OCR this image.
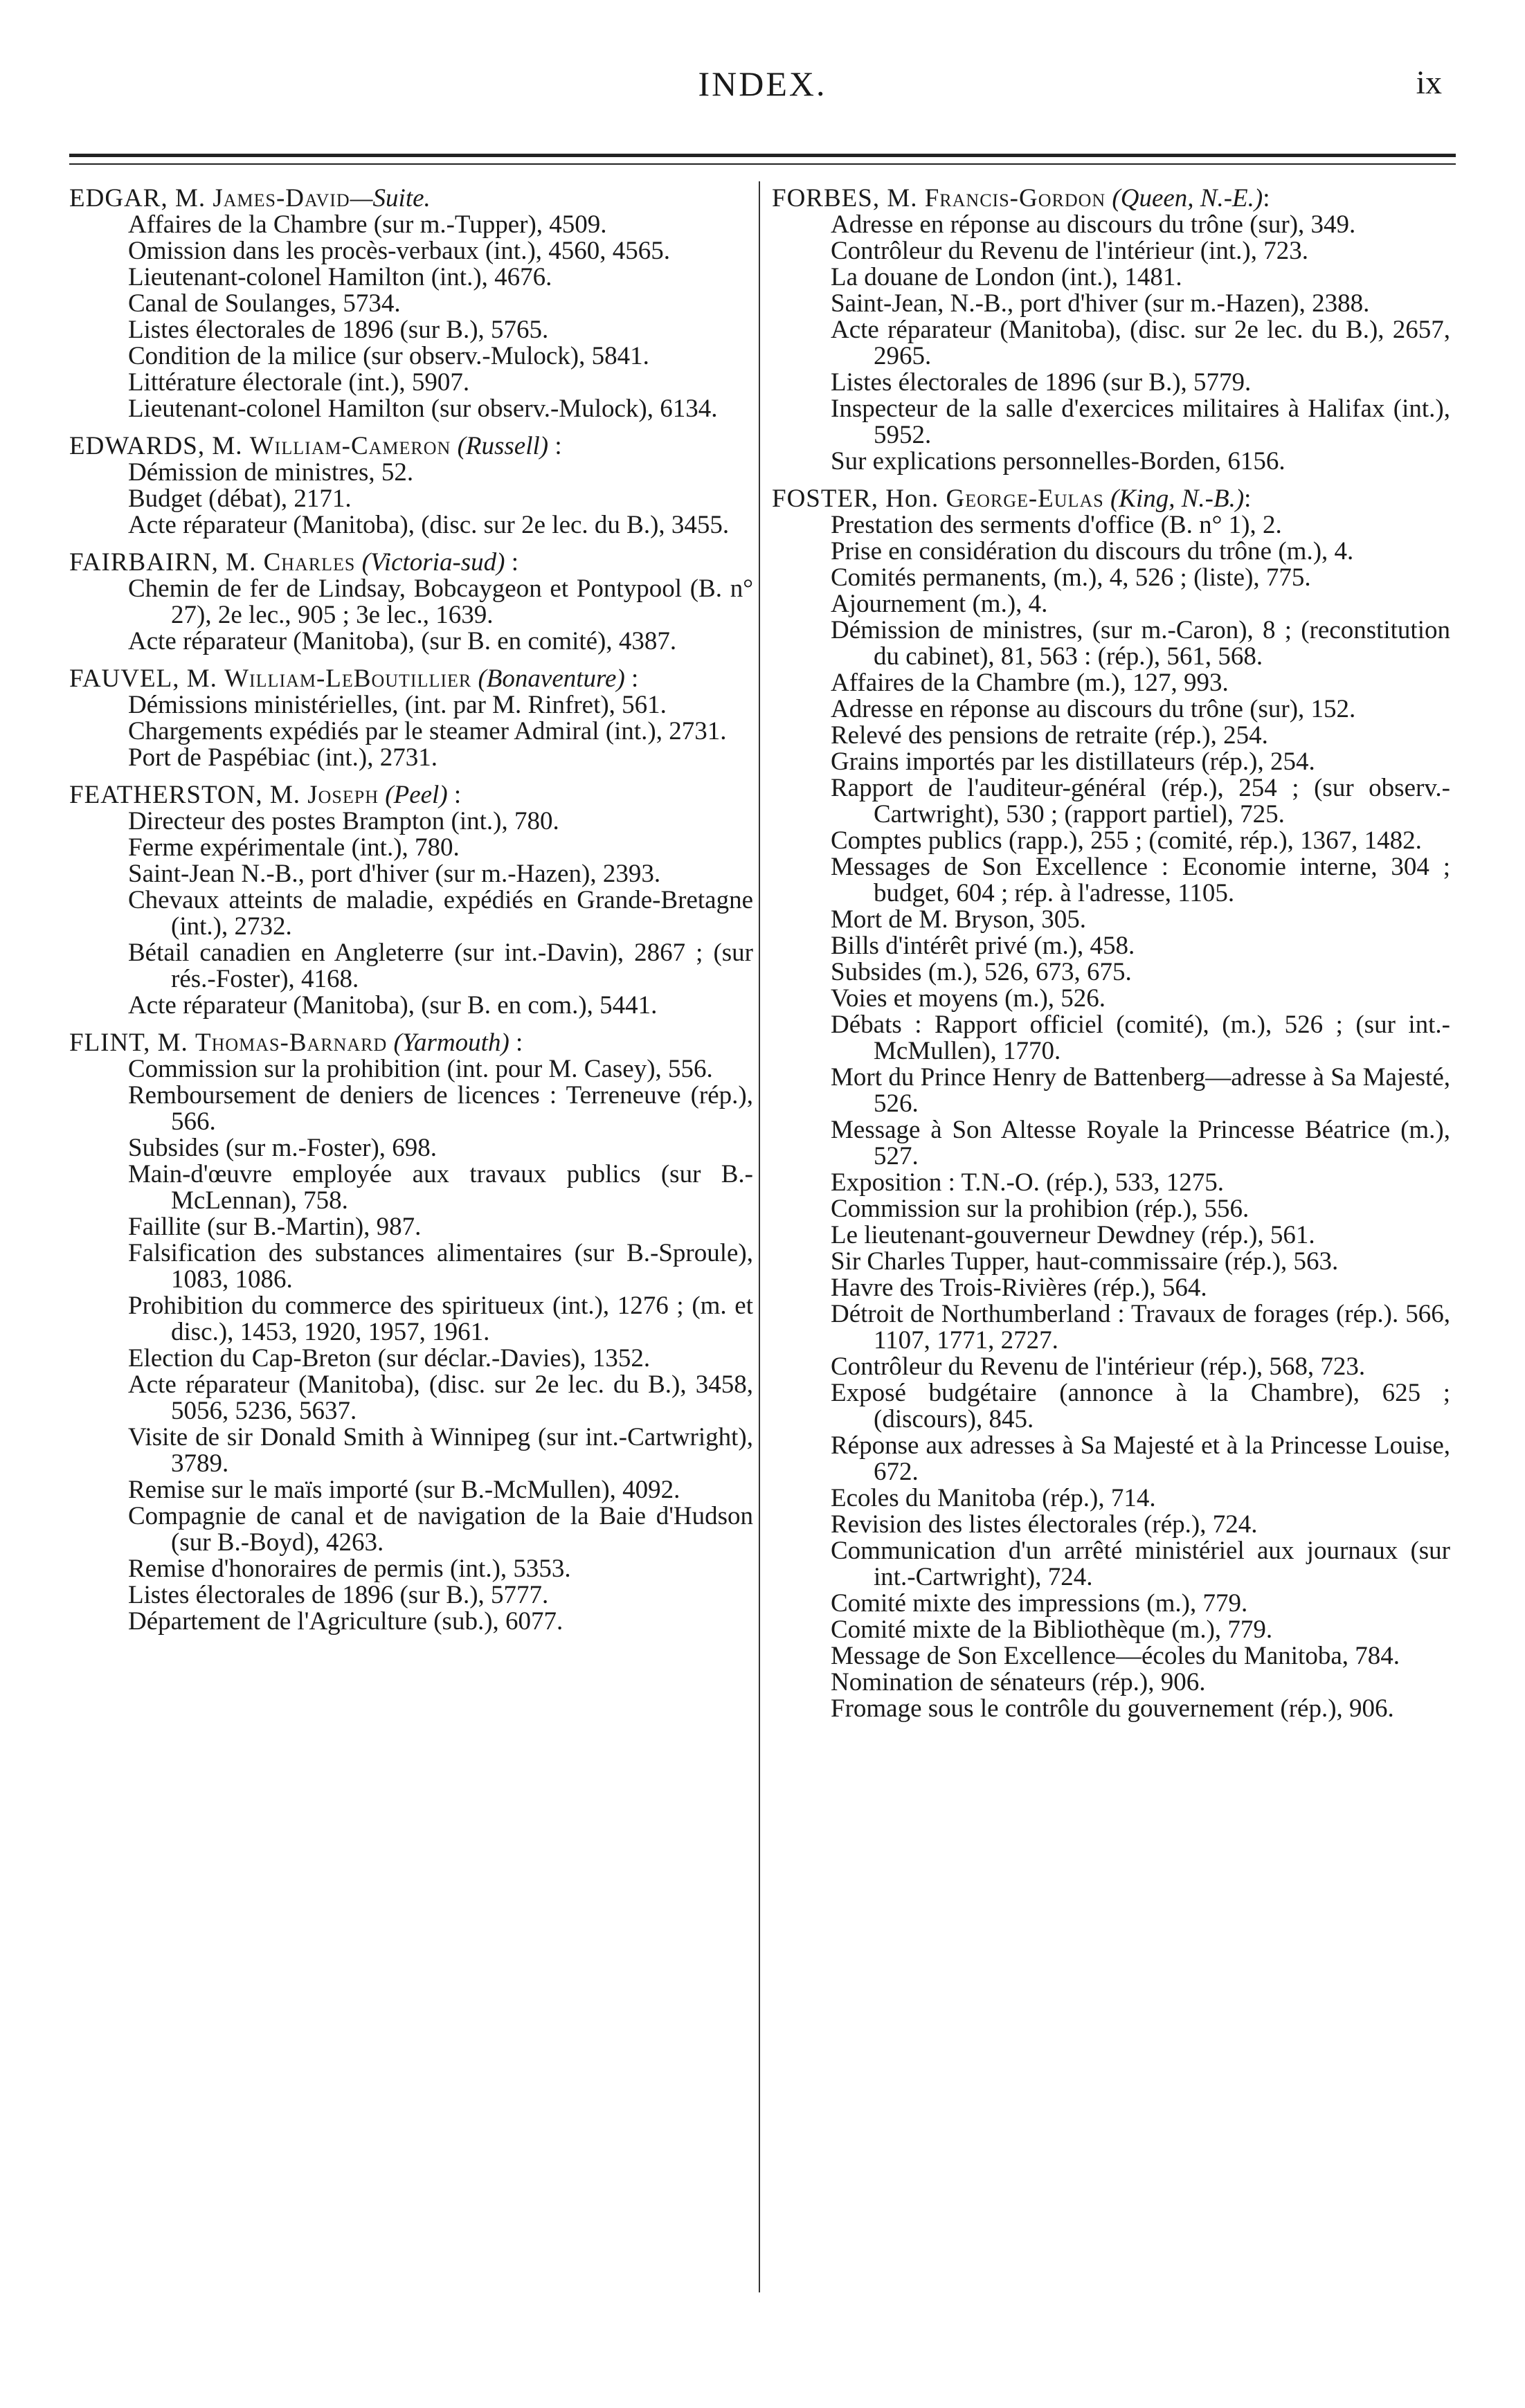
INDEX.	ix
EDGAR, M. James-David—Suite.
Affaires de la Chambre (sur m.-Tupper), 4509.
Omission dans les procès-verbaux (int.), 4560, 4565.
Lieutenant-colonel Hamilton (int.), 4676.
Canal de Soulanges, 5734.
Listes électorales de 1896 (sur B.), 5765.
Condition de la milice (sur observ.-Mulock), 5841.
Littérature électorale (int.), 5907.
Lieutenant-colonel Hamilton (sur observ.-Mulock), 6134.
EDWARDS, M. William-Cameron (Russell) :
Démission de ministres, 52.
Budget (débat), 2171.
Acte réparateur (Manitoba), (disc. sur 2e lec. du B.), 3455.
FAIRBAIRN, M. Charles (Victoria-sud) :
Chemin de fer de Lindsay, Bobcaygeon et Pontypool (B. n° 27), 2e lec., 905 ; 3e lec., 1639.
Acte réparateur (Manitoba), (sur B. en comité), 4387.
FAUVEL, M. William-LeBoutillier (Bonaventure) :
Démissions ministérielles, (int. par M. Rinfret), 561.
Chargements expédiés par le steamer Admiral (int.), 2731.
Port de Paspébiac (int.), 2731.
FEATHERSTON, M. Joseph (Peel) :
Directeur des postes Brampton (int.), 780.
Ferme expérimentale (int.), 780.
Saint-Jean N.-B., port d'hiver (sur m.-Hazen), 2393.
Chevaux atteints de maladie, expédiés en Grande-Bretagne (int.), 2732.
Bétail canadien en Angleterre (sur int.-Davin), 2867 ; (sur rés.-Foster), 4168.
Acte réparateur (Manitoba), (sur B. en com.), 5441.
FLINT, M. Thomas-Barnard (Yarmouth) :
Commission sur la prohibition (int. pour M. Casey), 556.
Remboursement de deniers de licences : Terreneuve (rép.), 566.
Subsides (sur m.-Foster), 698.
Main-d'œuvre employée aux travaux publics (sur B.-McLennan), 758.
Faillite (sur B.-Martin), 987.
Falsification des substances alimentaires (sur B.-Sproule), 1083, 1086.
Prohibition du commerce des spiritueux (int.), 1276 ; (m. et disc.), 1453, 1920, 1957, 1961.
Election du Cap-Breton (sur déclar.-Davies), 1352.
Acte réparateur (Manitoba), (disc. sur 2e lec. du B.), 3458, 5056, 5236, 5637.
Visite de sir Donald Smith à Winnipeg (sur int.-Cartwright), 3789.
Remise sur le maïs importé (sur B.-McMullen), 4092.
Compagnie de canal et de navigation de la Baie d'Hudson (sur B.-Boyd), 4263.
Remise d'honoraires de permis (int.), 5353.
Listes électorales de 1896 (sur B.), 5777.
Département de l'Agriculture (sub.), 6077.
FORBES, M. Francis-Gordon (Queen, N.-E.):
Adresse en réponse au discours du trône (sur), 349.
Contrôleur du Revenu de l'intérieur (int.), 723.
La douane de London (int.), 1481.
Saint-Jean, N.-B., port d'hiver (sur m.-Hazen), 2388.
Acte réparateur (Manitoba), (disc. sur 2e lec. du B.), 2657, 2965.
Listes électorales de 1896 (sur B.), 5779.
Inspecteur de la salle d'exercices militaires à Halifax (int.), 5952.
Sur explications personnelles-Borden, 6156.
FOSTER, Hon. George-Eulas (King, N.-B.):
Prestation des serments d'office (B. n° 1), 2.
Prise en considération du discours du trône (m.), 4.
Comités permanents, (m.), 4, 526 ; (liste), 775.
Ajournement (m.), 4.
Démission de ministres, (sur m.-Caron), 8 ; (reconstitution du cabinet), 81, 563 : (rép.), 561, 568.
Affaires de la Chambre (m.), 127, 993.
Adresse en réponse au discours du trône (sur), 152.
Relevé des pensions de retraite (rép.), 254.
Grains importés par les distillateurs (rép.), 254.
Rapport de l'auditeur-général (rép.), 254 ; (sur observ.-Cartwright), 530 ; (rapport partiel), 725.
Comptes publics (rapp.), 255 ; (comité, rép.), 1367, 1482.
Messages de Son Excellence : Economie interne, 304 ; budget, 604 ; rép. à l'adresse, 1105.
Mort de M. Bryson, 305.
Bills d'intérêt privé (m.), 458.
Subsides (m.), 526, 673, 675.
Voies et moyens (m.), 526.
Débats : Rapport officiel (comité), (m.), 526 ; (sur int.-McMullen), 1770.
Mort du Prince Henry de Battenberg—adresse à Sa Majesté, 526.
Message à Son Altesse Royale la Princesse Béatrice (m.), 527.
Exposition : T.N.-O. (rép.), 533, 1275.
Commission sur la prohibion (rép.), 556.
Le lieutenant-gouverneur Dewdney (rép.), 561.
Sir Charles Tupper, haut-commissaire (rép.), 563.
Havre des Trois-Rivières (rép.), 564.
Détroit de Northumberland : Travaux de forages (rép.). 566, 1107, 1771, 2727.
Contrôleur du Revenu de l'intérieur (rép.), 568, 723.
Exposé budgétaire (annonce à la Chambre), 625 ; (discours), 845.
Réponse aux adresses à Sa Majesté et à la Princesse Louise, 672.
Ecoles du Manitoba (rép.), 714.
Revision des listes électorales (rép.), 724.
Communication d'un arrêté ministériel aux journaux (sur int.-Cartwright), 724.
Comité mixte des impressions (m.), 779.
Comité mixte de la Bibliothèque (m.), 779.
Message de Son Excellence—écoles du Manitoba, 784.
Nomination de sénateurs (rép.), 906.
Fromage sous le contrôle du gouvernement (rép.), 906.
